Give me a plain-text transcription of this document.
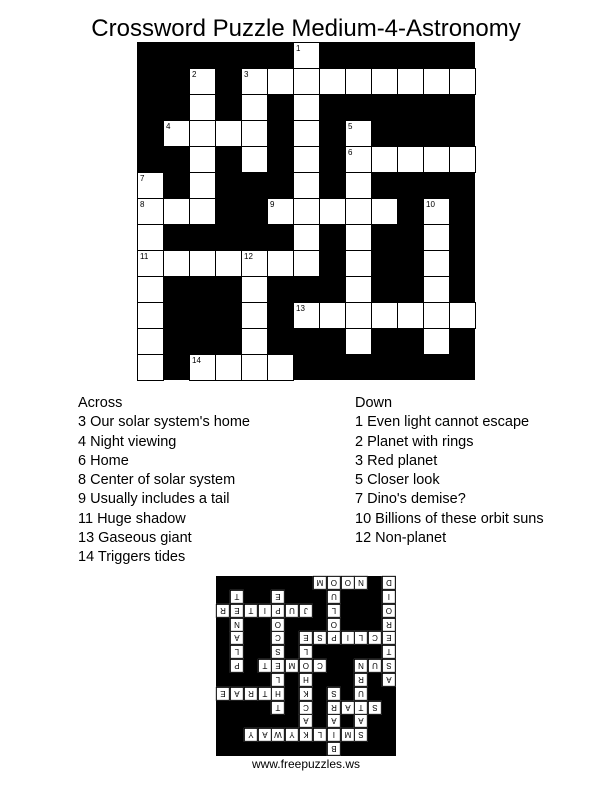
Crossword Puzzle Medium-4-Astronomy
1
2	3
4	5
6
7
8	9	10
11	12
13
14
Across
3 Our solar system's home
4 Night viewing
6 Home
8 Center of solar system
9 Usually includes a tail
11 Huge shadow
13 Gaseous giant
14 Triggers tides
Down
1 Even light cannot escape
2 Planet with rings
3 Red planet
5 Closer look
7 Dino's demise?
10 Billions of these orbit suns
12 Non-planet
B
S
M
I
L
K
Y
W
A
Y
A
A
A
S
T
A
R
C
T
U
S
K
H
T
R
A
E
A
R
H
L
S
U
N
C
O
M
E
T
P
T
L
S
L
E
C
L
I
P
S
E
C
A
R
O
O
N
O
L
J
U
P
I
T
E
R
I
U
E
T
D
N
O
O
M
www.freepuzzles.ws
